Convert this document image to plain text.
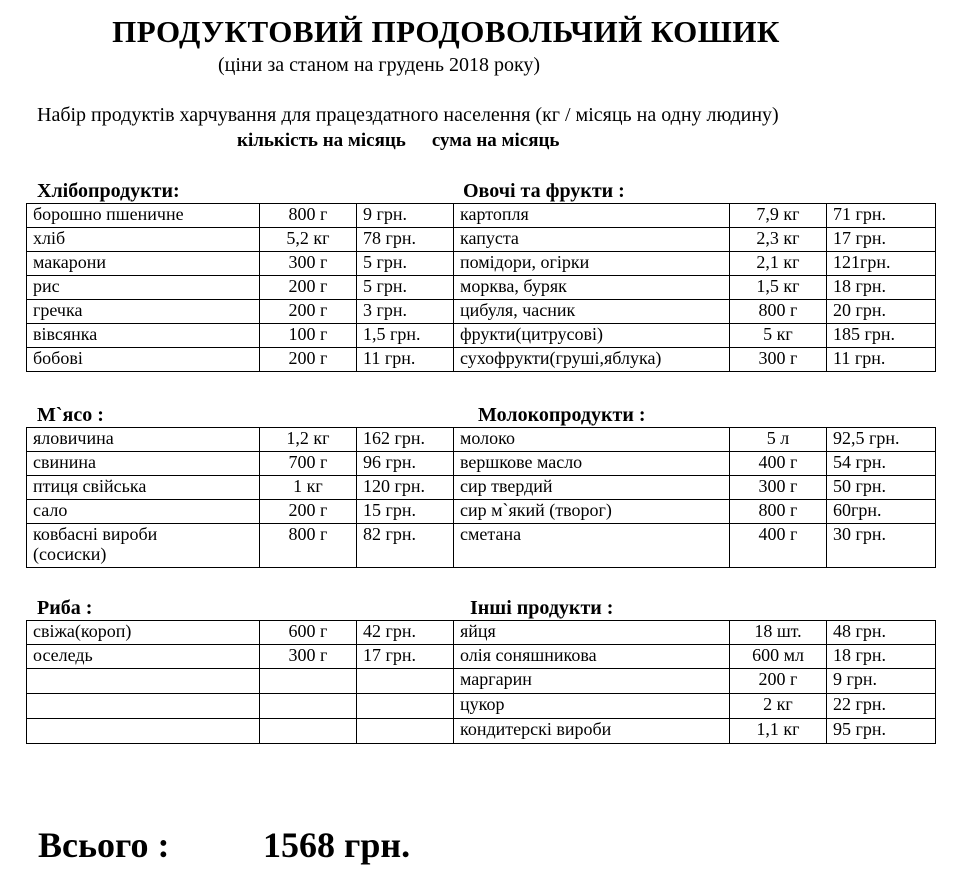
ПРОДУКТОВИЙ ПРОДОВОЛЬЧИЙ КОШИК
(ціни за станом на грудень 2018 року)
Набір продуктів харчування для працездатного населення (кг / місяць на одну людину)
кількість на місяць сума на місяць
Хлібопродукти:	Овочі та фрукти :
борошно пшеничне	800 г	9 грн.	картопля	7,9 кг	71 грн.
хліб	5,2 кг	78 грн.	капуста	2,3 кг	17 грн.
макарони	300 г	5 грн.	помідори, огірки	2,1 кг	121грн.
рис	200 г	5 грн.	морква, буряк	1,5 кг	18 грн.
гречка	200 г	3 грн.	цибуля, часник	800 г	20 грн.
вівсянка	100 г	1,5 грн.	фрукти(цитрусові)	5 кг	185 грн.
бобові	200 г	11 грн.	сухофрукти(груші,яблука)	300 г	11 грн.
М`ясо :	Молокопродукти :
яловичина	1,2 кг	162 грн.	молоко	5 л	92,5 грн.
свинина	700 г	96 грн.	вершкове масло	400 г	54 грн.
птиця свійська	1 кг	120 грн.	сир твердий	300 г	50 грн.
сало	200 г	15 грн.	сир м`який (творог)	800 г	60грн.
ковбасні вироби (сосиски)	800 г	82 грн.	сметана	400 г	30 грн.
Риба :	Інші продукти :
свіжа(короп)	600 г	42 грн.	яйця	18 шт.	48 грн.
оселедь	300 г	17 грн.	олія соняшникова	600 мл	18 грн.
			маргарин	200 г	9 грн.
			цукор	2 кг	22 грн.
			кондитерскі вироби	1,1 кг	95 грн.
Всього :	1568 грн.
